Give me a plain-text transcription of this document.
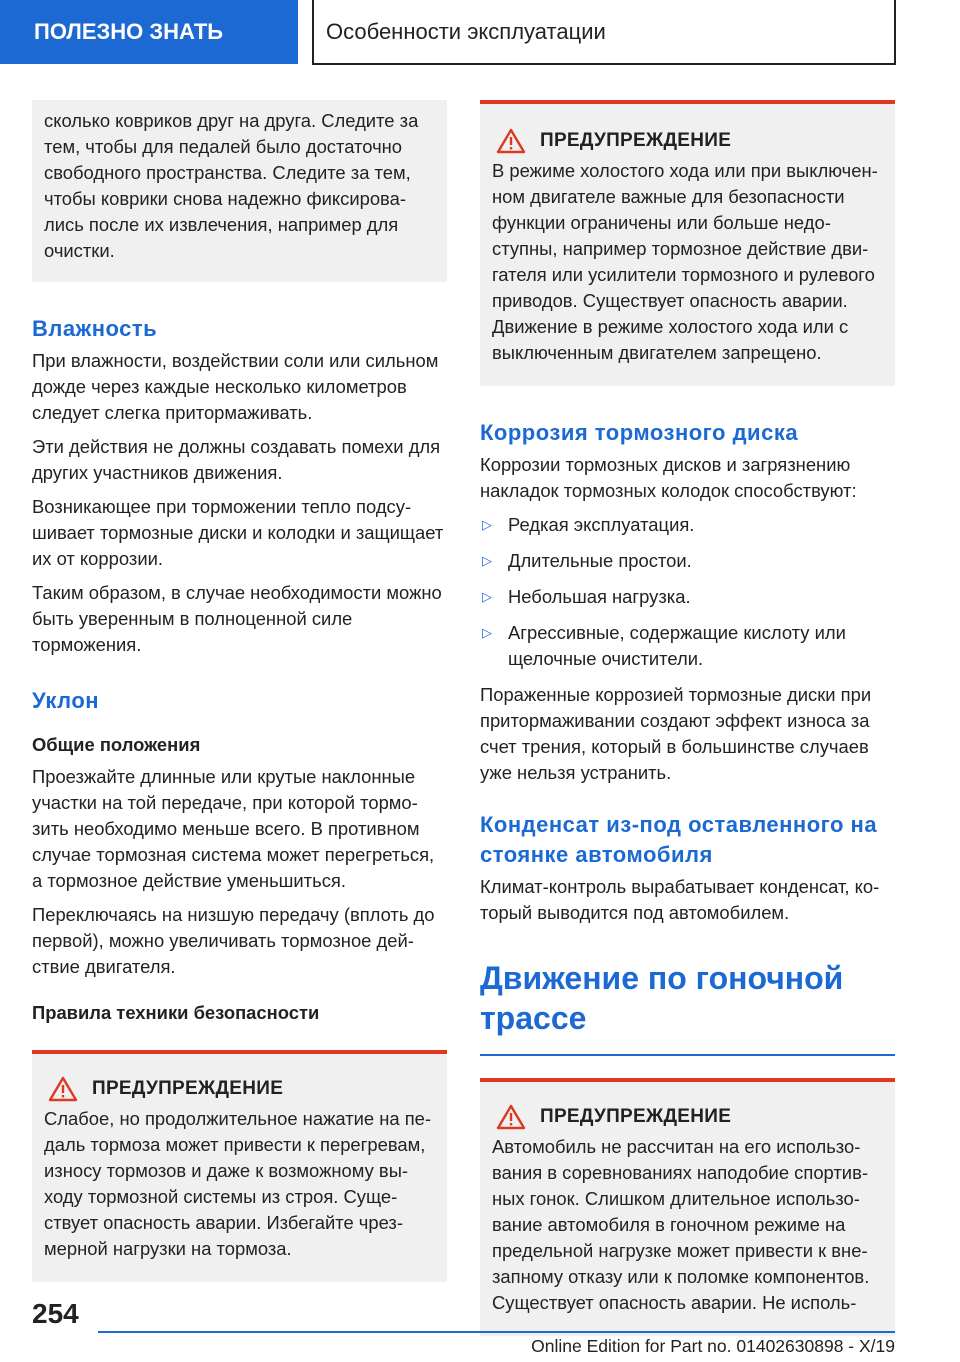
ПОЛЕЗНО ЗНАТЬ	Особенности эксплуатации

сколько ковриков друг на друга. Следите за тем, чтобы для педалей было достаточно свободного пространства. Следите за тем, чтобы коврики снова надежно фиксировались после их извлечения, например для очистки.

Влажность

При влажности, воздействии соли или сильном дожде через каждые несколько километров следует слегка притормаживать.

Эти действия не должны создавать помехи для других участников движения.

Возникающее при торможении тепло подсушивает тормозные диски и колодки и защищает их от коррозии.

Таким образом, в случае необходимости можно быть уверенным в полноценной силе торможения.

Уклон
Общие положения

Проезжайте длинные или крутые наклонные участки на той передаче, при которой тормозить необходимо меньше всего. В противном случае тормозная система может перегреться, а тормозное действие уменьшиться.

Переключаясь на низшую передачу (вплоть до первой), можно увеличивать тормозное действие двигателя.

Правила техники безопасности
ПРЕДУПРЕЖДЕНИЕ

Слабое, но продолжительное нажатие на педаль тормоза может привести к перегревам, износу тормозов и даже к возможному выходу тормозной системы из строя. Существует опасность аварии. Избегайте чрезмерной нагрузки на тормоза.

ПРЕДУПРЕЖДЕНИЕ

В режиме холостого хода или при выключенном двигателе важные для безопасности функции ограничены или больше недоступны, например тормозное действие двигателя или усилители тормозного и рулевого приводов. Существует опасность аварии. Движение в режиме холостого хода или с выключенным двигателем запрещено.

Коррозия тормозного диска

Коррозии тормозных дисков и загрязнению накладок тормозных колодок способствуют:

▷ Редкая эксплуатация.
▷ Длительные простои.
▷ Небольшая нагрузка.
▷ Агрессивные, содержащие кислоту или щелочные очистители.

Пораженные коррозией тормозные диски при притормаживании создают эффект износа за счет трения, который в большинстве случаев уже нельзя устранить.

Конденсат из-под оставленного на стоянке автомобиля

Климат-контроль вырабатывает конденсат, который выводится под автомобилем.

Движение по гоночной трассе
ПРЕДУПРЕЖДЕНИЕ

Автомобиль не рассчитан на его использования в соревнованиях наподобие спортивных гонок. Слишком длительное использование автомобиля в гоночном режиме на предельной нагрузке может привести к внезапному отказу или к поломке компонентов. Существует опасность аварии. Не исполь-

254
Online Edition for Part no. 01402630898 - X/19
